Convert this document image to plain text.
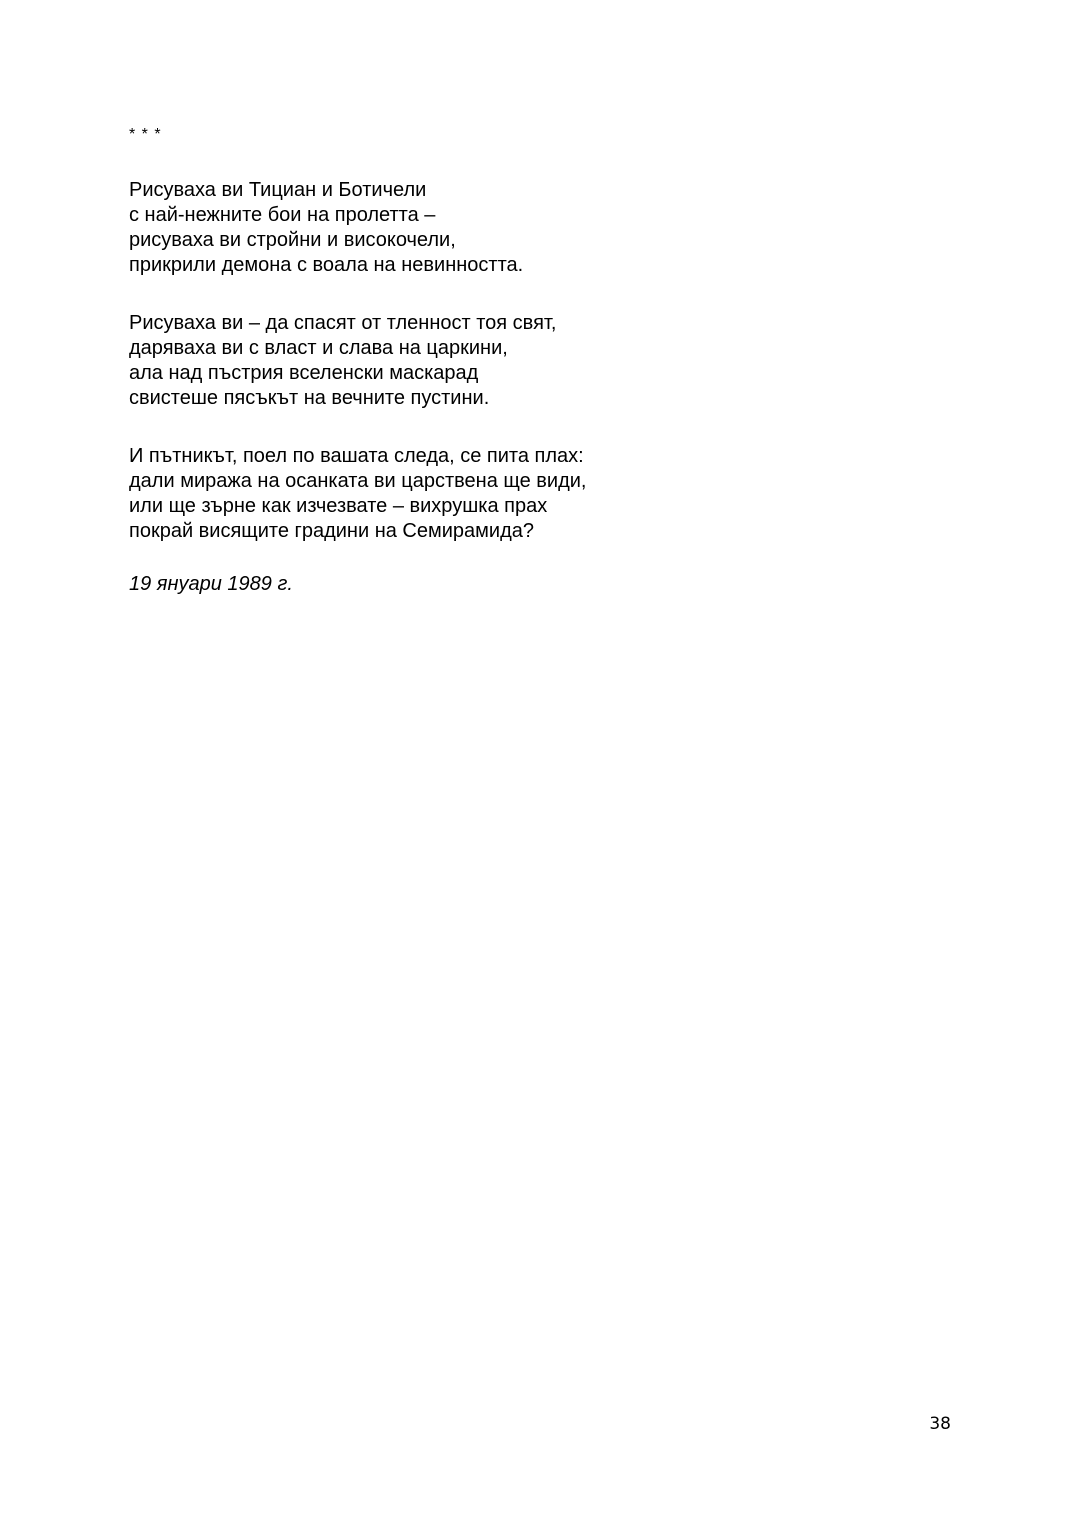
* * *
Рисуваха ви Тициан и Ботичели
с най-нежните бои на пролетта –
рисуваха ви стройни и високочели,
прикрили демона с воала на невинността.
Рисуваха ви – да спасят от тленност тоя свят,
даряваха ви с власт и слава на царкини,
ала над пъстрия вселенски маскарад
свистеше пясъкът на вечните пустини.
И пътникът, поел по вашата следа, се пита плах:
дали миража на осанката ви царствена ще види,
или ще зърне как изчезвате – вихрушка прах
покрай висящите градини на Семирамида?
19 януари 1989 г.
38
